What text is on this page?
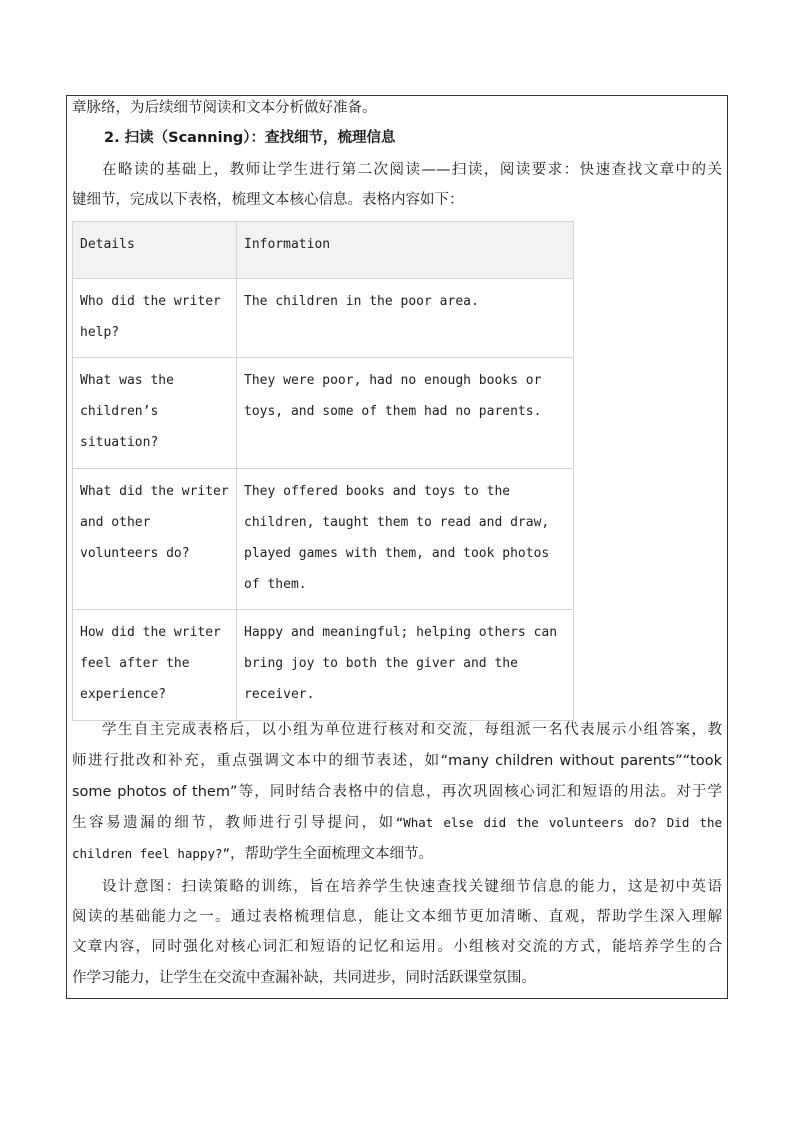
章脉络，为后续细节阅读和文本分析做好准备。

2. 扫读（Scanning）：查找细节，梳理信息

在略读的基础上，教师让学生进行第二次阅读——扫读，阅读要求：快速查找文章中的关

键细节，完成以下表格，梳理文本核心信息。表格内容如下：

Details	Information
Who did the writer help?	The children in the poor area.
What was the children’s situation?	They were poor, had no enough books or toys, and some of them had no parents.
What did the writer and other volunteers do?	They offered books and toys to the children, taught them to read and draw, played games with them, and took photos of them.
How did the writer feel after the experience?	Happy and meaningful; helping others can bring joy to both the giver and the receiver.

学生自主完成表格后，以小组为单位进行核对和交流，每组派一名代表展示小组答案，教

师进行批改和补充，重点强调文本中的细节表述，如“many children without parents”“took

some photos of them”等，同时结合表格中的信息，再次巩固核心词汇和短语的用法。对于学

生容易遗漏的细节，教师进行引导提问，如“What else did the volunteers do? Did the

children feel happy?”，帮助学生全面梳理文本细节。

设计意图：扫读策略的训练，旨在培养学生快速查找关键细节信息的能力，这是初中英语

阅读的基础能力之一。通过表格梳理信息，能让文本细节更加清晰、直观，帮助学生深入理解

文章内容，同时强化对核心词汇和短语的记忆和运用。小组核对交流的方式，能培养学生的合

作学习能力，让学生在交流中查漏补缺，共同进步，同时活跃课堂氛围。
